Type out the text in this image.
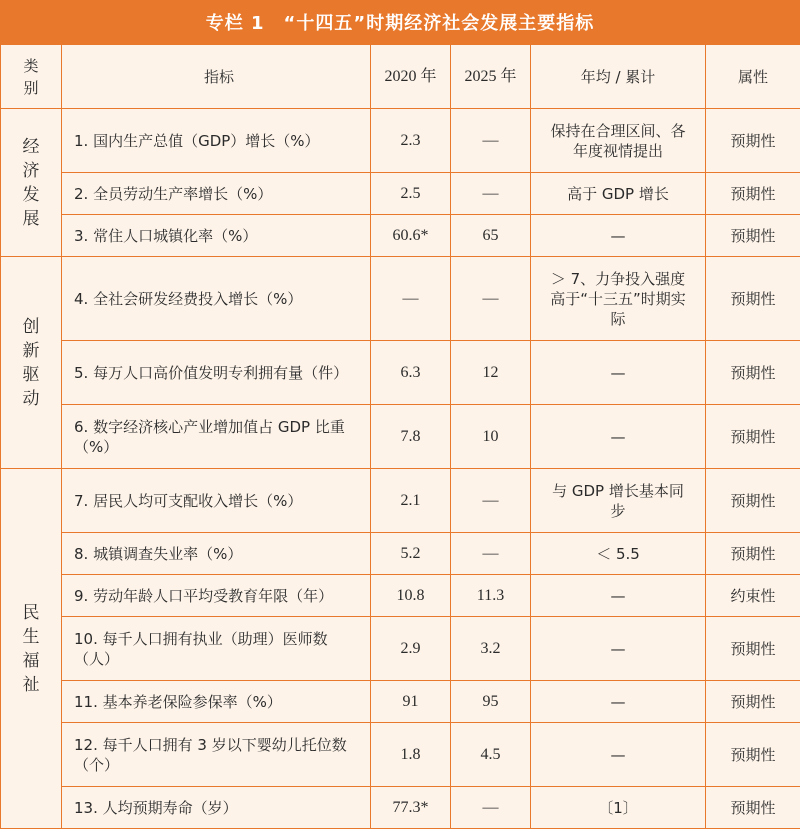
专栏 1　“十四五”时期经济社会发展主要指标
类别	指标	2020 年	2025 年	年均 / 累计	属性
经济发展	1. 国内生产总值（GDP）增长（%）	2.3	—	保持在合理区间、各年度视情提出	预期性
	2. 全员劳动生产率增长（%）	2.5	—	高于 GDP 增长	预期性
	3. 常住人口城镇化率（%）	60.6*	65	—	预期性
创新驱动	4. 全社会研发经费投入增长（%）	—	—	＞ 7、力争投入强度高于“十三五”时期实际	预期性
	5. 每万人口高价值发明专利拥有量（件）	6.3	12	—	预期性
	6. 数字经济核心产业增加值占 GDP 比重（%）	7.8	10	—	预期性
民生福祉	7. 居民人均可支配收入增长（%）	2.1	—	与 GDP 增长基本同步	预期性
	8. 城镇调查失业率（%）	5.2	—	＜ 5.5	预期性
	9. 劳动年龄人口平均受教育年限（年）	10.8	11.3	—	约束性
	10. 每千人口拥有执业（助理）医师数（人）	2.9	3.2	—	预期性
	11. 基本养老保险参保率（%）	91	95	—	预期性
	12. 每千人口拥有 3 岁以下婴幼儿托位数（个）	1.8	4.5	—	预期性
	13. 人均预期寿命（岁）	77.3*	—	〔1〕	预期性
